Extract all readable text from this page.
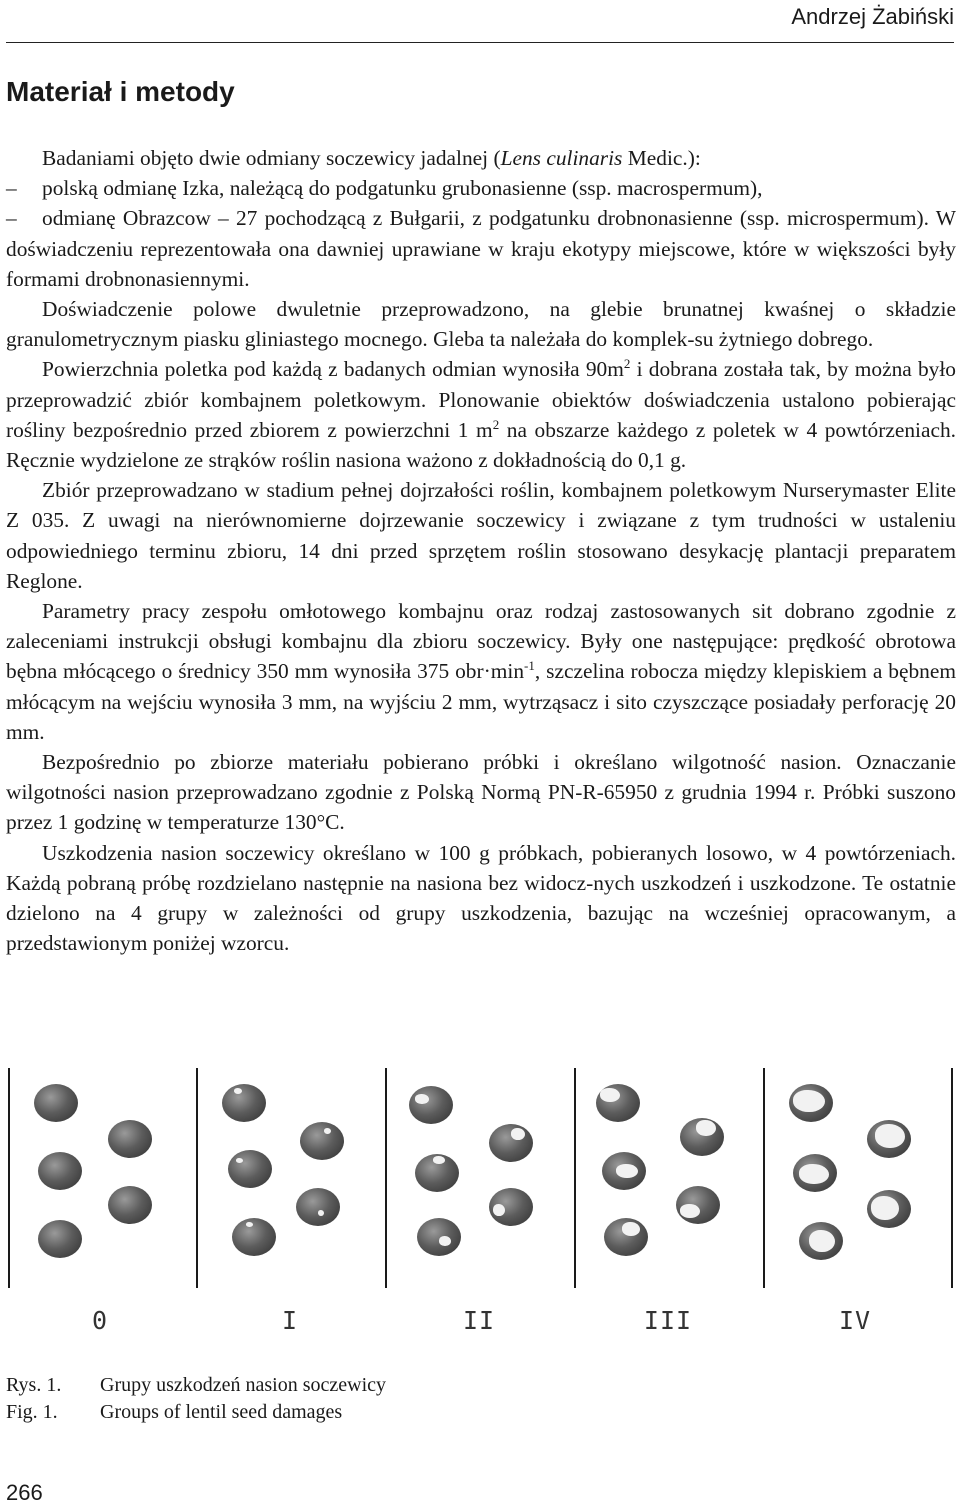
Andrzej Żabiński
Materiał i metody

Badaniami objęto dwie odmiany soczewicy jadalnej (Lens culinaris Medic.):

–	polską odmianę Izka, należącą do podgatunku grubonasienne (ssp. macrospermum),
–	odmianę Obrazcow – 27 pochodzącą z Bułgarii, z podgatunku drobnonasienne (ssp. microspermum). W doświadczeniu reprezentowała ona dawniej uprawiane w kraju ekotypy miejscowe, które w większości były formami drobnonasiennymi.

Doświadczenie polowe dwuletnie przeprowadzono, na glebie brunatnej kwaśnej o składzie granulometrycznym piasku gliniastego mocnego. Gleba ta należała do komplek-su żytniego dobrego.

Powierzchnia poletka pod każdą z badanych odmian wynosiła $90m^2$ i dobrana została tak, by można było przeprowadzić zbiór kombajnem poletkowym. Plonowanie obiektów doświadczenia ustalono pobierając rośliny bezpośrednio przed zbiorem z powierzchni 1 $m^2$ na obszarze każdego z poletek w 4 powtórzeniach. Ręcznie wydzielone ze strąków roślin nasiona ważono z dokładnością do 0,1 g.

Zbiór przeprowadzano w stadium pełnej dojrzałości roślin, kombajnem poletkowym Nurserymaster Elite Z 035. Z uwagi na nierównomierne dojrzewanie soczewicy i związane z tym trudności w ustaleniu odpowiedniego terminu zbioru, 14 dni przed sprzętem roślin stosowano desykację plantacji preparatem Reglone.

Parametry pracy zespołu omłotowego kombajnu oraz rodzaj zastosowanych sit dobrano zgodnie z zaleceniami instrukcji obsługi kombajnu dla zbioru soczewicy. Były one następujące: prędkość obrotowa bębna młócącego o średnicy 350 mm wynosiła 375 $obr\cdot\min^{-1}$, szczelina robocza między klepiskiem a bębnem młócącym na wejściu wynosiła 3 mm, na wyjściu 2 mm, wytrząsacz i sito czyszczące posiadały perforację 20 mm.

Bezpośrednio po zbiorze materiału pobierano próbki i określano wilgotność nasion. Oznaczanie wilgotności nasion przeprowadzano zgodnie z Polską Normą PN-R-65950 z grudnia 1994 r. Próbki suszono przez 1 godzinę w temperaturze 130°C.

Uszkodzenia nasion soczewicy określano w 100 g próbkach, pobieranych losowo, w 4 powtórzeniach. Każdą pobraną próbę rozdzielano następnie na nasiona bez widocz-nych uszkodzeń i uszkodzone. Te ostatnie dzielono na 4 grupy w zależności od grupy uszkodzenia, bazując na wcześniej opracowanym, a przedstawionym poniżej wzorcu.

0	I	II	III	IV
Rys. 1.	Grupy uszkodzeń nasion soczewicy
Fig. 1.	Groups of lentil seed damages
266
